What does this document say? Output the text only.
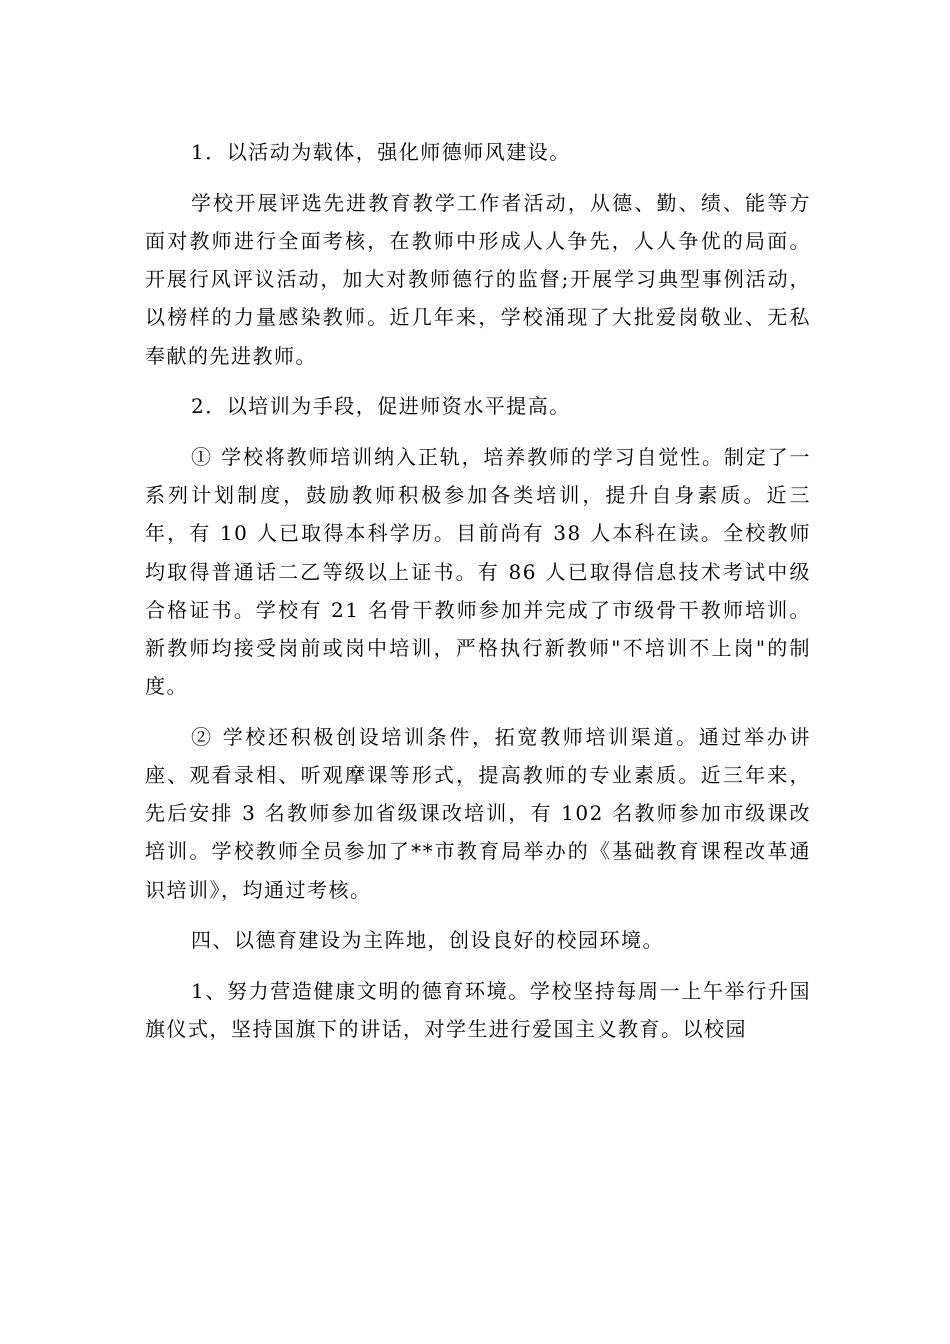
1．以活动为载体，强化师德师风建设。

学校开展评选先进教育教学工作者活动，从德、勤、绩、能等方面对教师进行全面考核，在教师中形成人人争先，人人争优的局面。开展行风评议活动，加大对教师德行的监督;开展学习典型事例活动，以榜样的力量感染教师。近几年来，学校涌现了大批爱岗敬业、无私奉献的先进教师。

2．以培训为手段，促进师资水平提高。

① 学校将教师培训纳入正轨，培养教师的学习自觉性。制定了一系列计划制度，鼓励教师积极参加各类培训，提升自身素质。近三年，有 10 人已取得本科学历。目前尚有 38 人本科在读。全校教师均取得普通话二乙等级以上证书。有 86 人已取得信息技术考试中级合格证书。学校有 21 名骨干教师参加并完成了市级骨干教师培训。新教师均接受岗前或岗中培训，严格执行新教师"不培训不上岗"的制度。

② 学校还积极创设培训条件，拓宽教师培训渠道。通过举办讲座、观看录相、听观摩课等形式，提高教师的专业素质。近三年来，先后安排 3 名教师参加省级课改培训，有 102 名教师参加市级课改培训。学校教师全员参加了**市教育局举办的《基础教育课程改革通识培训》，均通过考核。

四、以德育建设为主阵地，创设良好的校园环境。

1、努力营造健康文明的德育环境。学校坚持每周一上午举行升国旗仪式，坚持国旗下的讲话，对学生进行爱国主义教育。以校园
